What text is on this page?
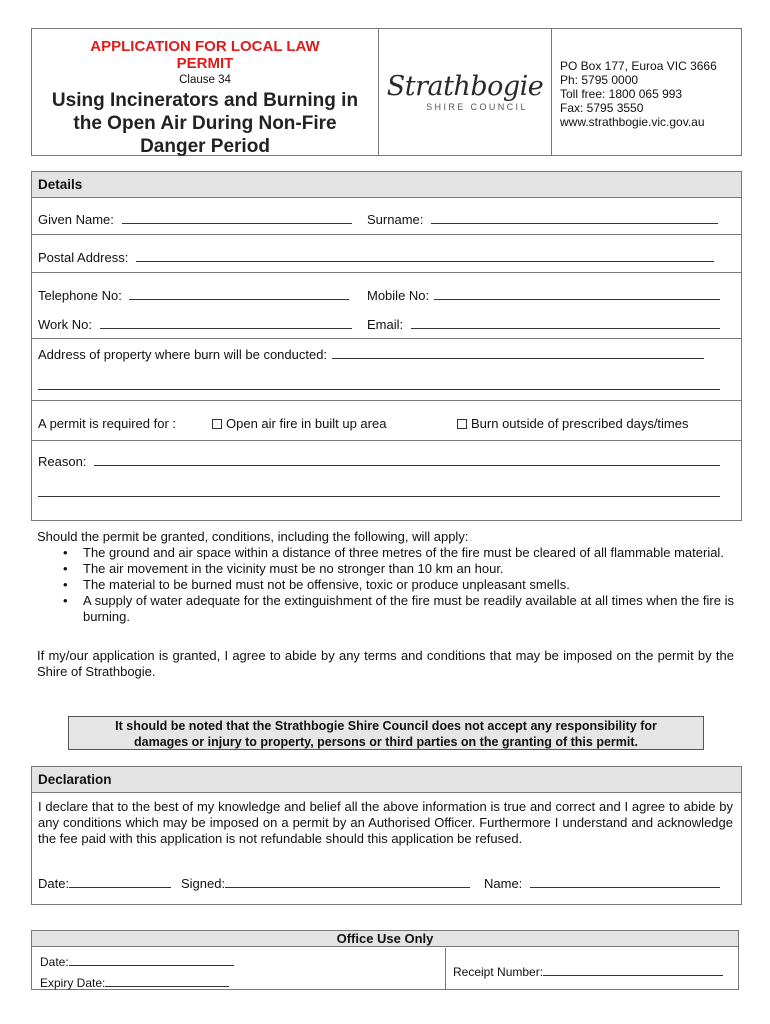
APPLICATION FOR LOCAL LAW
PERMIT
Clause 34
Using Incinerators and Burning in
the Open Air During Non-Fire
Danger Period
Strathbogie
SHIRE COUNCIL
PO Box 177, Euroa VIC 3666
Ph: 5795 0000
Toll free: 1800 065 993
Fax: 5795 3550
www.strathbogie.vic.gov.au
Details
Given Name:	Surname:
Postal Address:
Telephone No:	Mobile No:
Work No:	Email:
Address of property where burn will be conducted:
A permit is required for :	Open air fire in built up area	Burn outside of prescribed days/times
Reason:
Should the permit be granted, conditions, including the following, will apply:
• The ground and air space within a distance of three metres of the fire must be cleared of all flammable material.
• The air movement in the vicinity must be no stronger than 10 km an hour.
• The material to be burned must not be offensive, toxic or produce unpleasant smells.
• A supply of water adequate for the extinguishment of the fire must be readily available at all times when the fire is burning.
If my/our application is granted, I agree to abide by any terms and conditions that may be imposed on the permit by the Shire of Strathbogie.
It should be noted that the Strathbogie Shire Council does not accept any responsibility for
damages or injury to property, persons or third parties on the granting of this permit.
Declaration
I declare that to the best of my knowledge and belief all the above information is true and correct and I agree to abide by any conditions which may be imposed on a permit by an Authorised Officer. Furthermore I understand and acknowledge the fee paid with this application is not refundable should this application be refused.
Date:	Signed:	Name:
Office Use Only
Date:
Expiry Date:
Receipt Number:
